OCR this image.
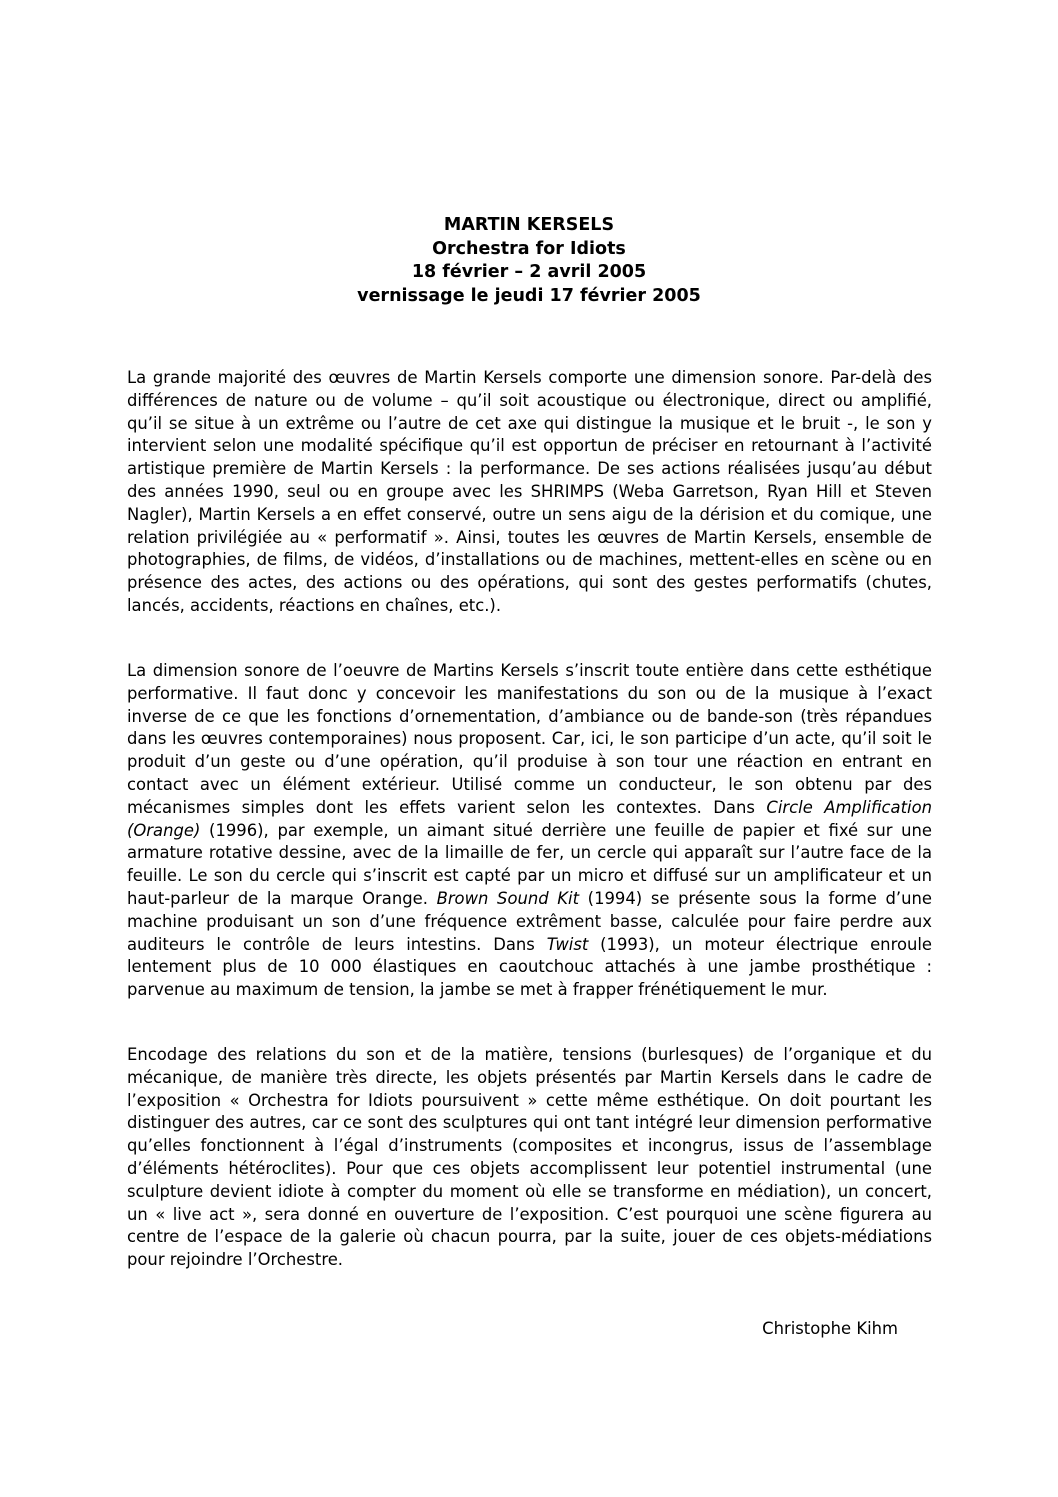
MARTIN KERSELS
Orchestra for Idiots
18 février – 2 avril 2005
vernissage le jeudi 17 février 2005

La grande majorité des œuvres de Martin Kersels comporte une dimension sonore. Par-delà des différences de nature ou de volume – qu’il soit acoustique ou électronique, direct ou amplifié, qu’il se situe à un extrême ou l’autre de cet axe qui distingue la musique et le bruit -, le son y intervient selon une modalité spécifique qu’il est opportun de préciser en retournant à l’activité artistique première de Martin Kersels : la performance. De ses actions réalisées jusqu’au début des années 1990, seul ou en groupe avec les SHRIMPS (Weba Garretson, Ryan Hill et Steven Nagler), Martin Kersels a en effet conservé, outre un sens aigu de la dérision et du comique, une relation privilégiée au « performatif ». Ainsi, toutes les œuvres de Martin Kersels, ensemble de photographies, de films, de vidéos, d’installations ou de machines, mettent-elles en scène ou en présence des actes, des actions ou des opérations, qui sont des gestes performatifs (chutes, lancés, accidents, réactions en chaînes, etc.).

La dimension sonore de l’oeuvre de Martins Kersels s’inscrit toute entière dans cette esthétique performative. Il faut donc y concevoir les manifestations du son ou de la musique à l’exact inverse de ce que les fonctions d’ornementation, d’ambiance ou de bande-son (très répandues dans les œuvres contemporaines) nous proposent. Car, ici, le son participe d’un acte, qu’il soit le produit d’un geste ou d’une opération, qu’il produise à son tour une réaction en entrant en contact avec un élément extérieur. Utilisé comme un conducteur, le son obtenu par des mécanismes simples dont les effets varient selon les contextes. Dans Circle Amplification (Orange) (1996), par exemple, un aimant situé derrière une feuille de papier et fixé sur une armature rotative dessine, avec de la limaille de fer, un cercle qui apparaît sur l’autre face de la feuille. Le son du cercle qui s’inscrit est capté par un micro et diffusé sur un amplificateur et un haut-parleur de la marque Orange. Brown Sound Kit (1994) se présente sous la forme d’une machine produisant un son d’une fréquence extrêment basse, calculée pour faire perdre aux auditeurs le contrôle de leurs intestins. Dans Twist (1993), un moteur électrique enroule lentement plus de 10 000 élastiques en caoutchouc attachés à une jambe prosthétique : parvenue au maximum de tension, la jambe se met à frapper frénétiquement le mur.

Encodage des relations du son et de la matière, tensions (burlesques) de l’organique et du mécanique, de manière très directe, les objets présentés par Martin Kersels dans le cadre de l’exposition « Orchestra for Idiots poursuivent » cette même esthétique. On doit pourtant les distinguer des autres, car ce sont des sculptures qui ont tant intégré leur dimension performative qu’elles fonctionnent à l’égal d’instruments (composites et incongrus, issus de l’assemblage d’éléments hétéroclites). Pour que ces objets accomplissent leur potentiel instrumental (une sculpture devient idiote à compter du moment où elle se transforme en médiation), un concert, un « live act », sera donné en ouverture de l’exposition. C’est pourquoi une scène figurera au centre de l’espace de la galerie où chacun pourra, par la suite, jouer de ces objets-médiations pour rejoindre l’Orchestre.

Christophe Kihm
